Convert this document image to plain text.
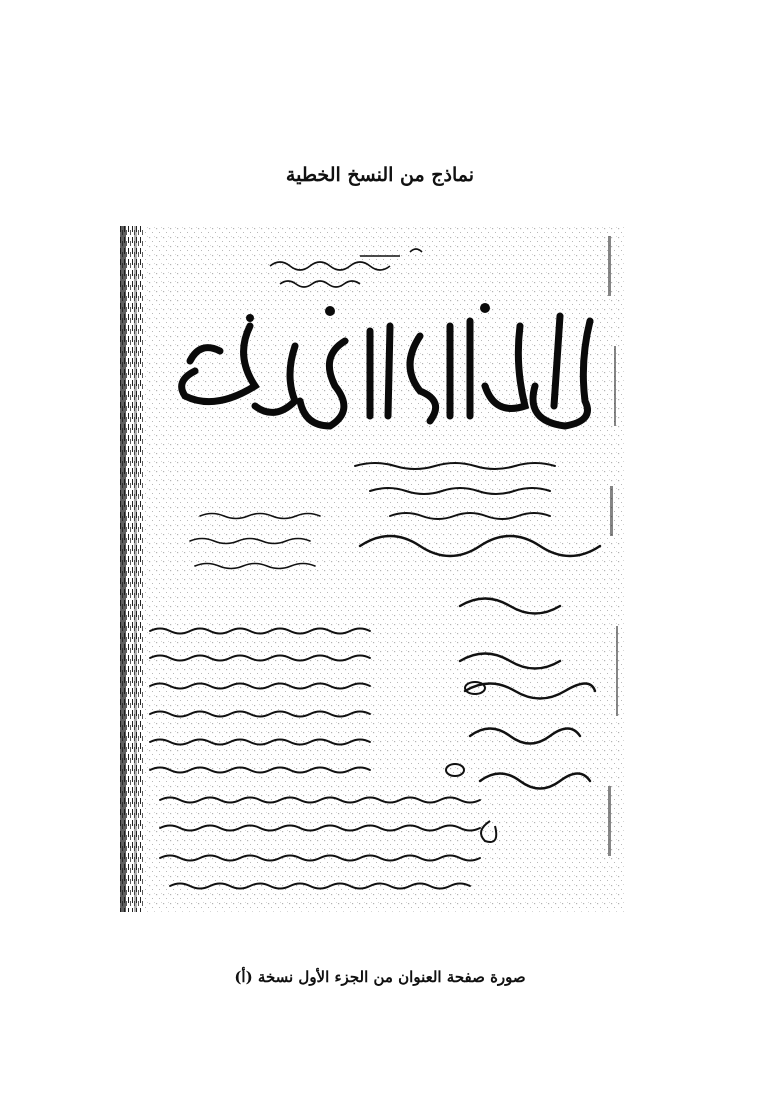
نماذج من النسخ الخطية
صورة صفحة العنوان من الجزء الأول نسخة (أ)
